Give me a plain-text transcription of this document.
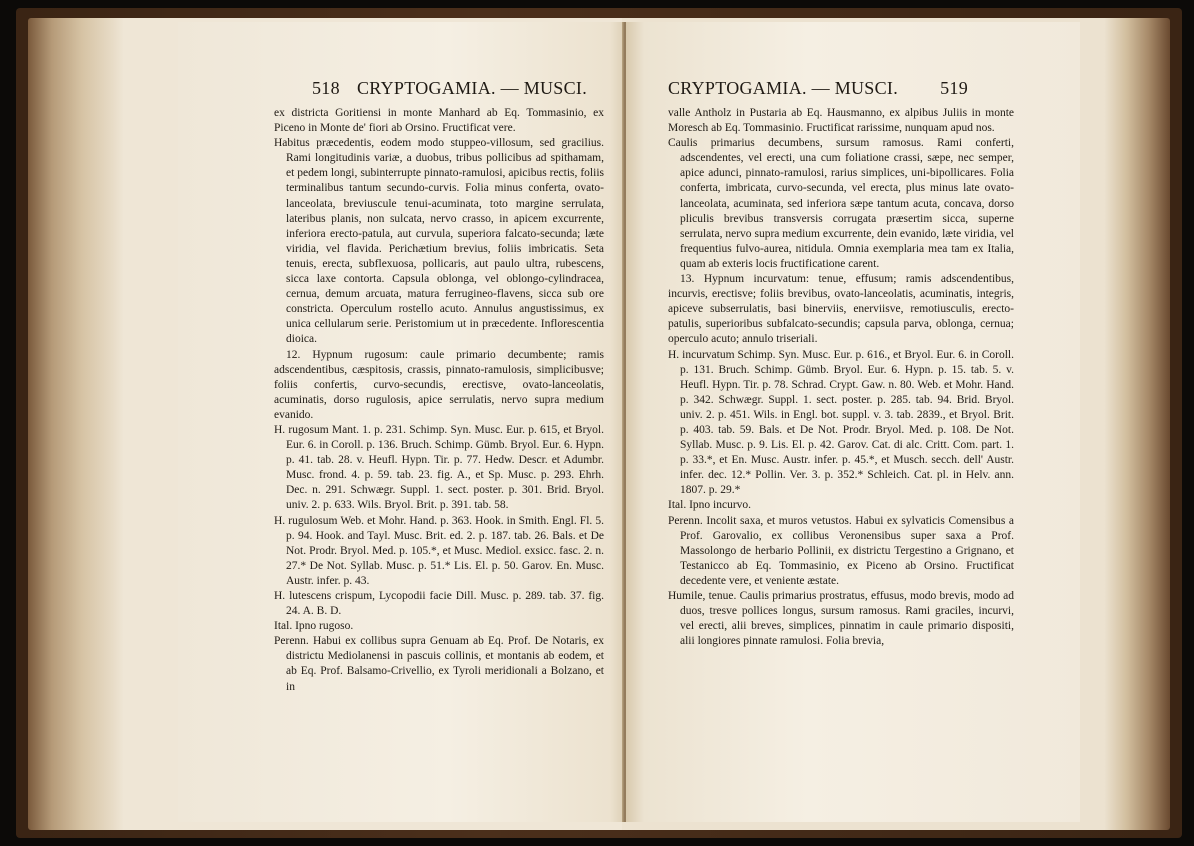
518 CRYPTOGAMIA. — MUSCI.

ex districta Goritiensi in monte Manhard ab Eq. Tommasinio, ex Piceno in Monte de' fiori ab Orsino. Fructificat vere.

Habitus præcedentis, eodem modo stuppeo-villosum, sed gracilius. Rami longitudinis variæ, a duobus, tribus pollicibus ad spithamam, et pedem longi, subinterrupte pinnato-ramulosi, apicibus rectis, foliis terminalibus tantum secundo-curvis. Folia minus conferta, ovato-lanceolata, breviuscule tenui-acuminata, toto margine serrulata, lateribus planis, non sulcata, nervo crasso, in apicem excurrente, inferiora erecto-patula, aut curvula, superiora falcato-secunda; læte viridia, vel flavida. Perichætium brevius, foliis imbricatis. Seta tenuis, erecta, subflexuosa, pollicaris, aut paulo ultra, rubescens, sicca laxe contorta. Capsula oblonga, vel oblongo-cylindracea, cernua, demum arcuata, matura ferrugineo-flavens, sicca sub ore constricta. Operculum rostello acuto. Annulus angustissimus, ex unica cellularum serie. Peristomium ut in præcedente. Inflorescentia dioica.

12. Hypnum rugosum: caule primario decumbente; ramis adscendentibus, cæspitosis, crassis, pinnato-ramulosis, simplicibusve; foliis confertis, curvo-secundis, erectisve, ovato-lanceolatis, acuminatis, dorso rugulosis, apice serrulatis, nervo supra medium evanido.

H. rugosum Mant. 1. p. 231. Schimp. Syn. Musc. Eur. p. 615, et Bryol. Eur. 6. in Coroll. p. 136. Bruch. Schimp. Gümb. Bryol. Eur. 6. Hypn. p. 41. tab. 28. v. Heufl. Hypn. Tir. p. 77. Hedw. Descr. et Adumbr. Musc. frond. 4. p. 59. tab. 23. fig. A., et Sp. Musc. p. 293. Ehrh. Dec. n. 291. Schwægr. Suppl. 1. sect. poster. p. 301. Brid. Bryol. univ. 2. p. 633. Wils. Bryol. Brit. p. 391. tab. 58.

H. rugulosum Web. et Mohr. Hand. p. 363. Hook. in Smith. Engl. Fl. 5. p. 94. Hook. and Tayl. Musc. Brit. ed. 2. p. 187. tab. 26. Bals. et De Not. Prodr. Bryol. Med. p. 105.*, et Musc. Mediol. exsicc. fasc. 2. n. 27.* De Not. Syllab. Musc. p. 51.* Lis. El. p. 50. Garov. En. Musc. Austr. infer. p. 43.

H. lutescens crispum, Lycopodii facie Dill. Musc. p. 289. tab. 37. fig. 24. A. B. D.

Ital. Ipno rugoso.

Perenn. Habui ex collibus supra Genuam ab Eq. Prof. De Notaris, ex districtu Mediolanensi in pascuis collinis, et montanis ab eodem, et ab Eq. Prof. Balsamo-Crivellio, ex Tyroli meridionali a Bolzano, et in

CRYPTOGAMIA. — MUSCI. 519

valle Antholz in Pustaria ab Eq. Hausmanno, ex alpibus Juliis in monte Moresch ab Eq. Tommasinio. Fructificat rarissime, nunquam apud nos.

Caulis primarius decumbens, sursum ramosus. Rami conferti, adscendentes, vel erecti, una cum foliatione crassi, sæpe, nec semper, apice adunci, pinnato-ramulosi, rarius simplices, uni-bipollicares. Folia conferta, imbricata, curvo-secunda, vel erecta, plus minus late ovato-lanceolata, acuminata, sed inferiora sæpe tantum acuta, concava, dorso pliculis brevibus transversis corrugata præsertim sicca, superne serrulata, nervo supra medium excurrente, dein evanido, læte viridia, vel frequentius fulvo-aurea, nitidula. Omnia exemplaria mea tam ex Italia, quam ab exteris locis fructificatione carent.

13. Hypnum incurvatum: tenue, effusum; ramis adscendentibus, incurvis, erectisve; foliis brevibus, ovato-lanceolatis, acuminatis, integris, apiceve subserrulatis, basi binerviis, enerviisve, remotiusculis, erecto-patulis, superioribus subfalcato-secundis; capsula parva, oblonga, cernua; operculo acuto; annulo triseriali.

H. incurvatum Schimp. Syn. Musc. Eur. p. 616., et Bryol. Eur. 6. in Coroll. p. 131. Bruch. Schimp. Gümb. Bryol. Eur. 6. Hypn. p. 15. tab. 5. v. Heufl. Hypn. Tir. p. 78. Schrad. Crypt. Gaw. n. 80. Web. et Mohr. Hand. p. 342. Schwægr. Suppl. 1. sect. poster. p. 285. tab. 94. Brid. Bryol. univ. 2. p. 451. Wils. in Engl. bot. suppl. v. 3. tab. 2839., et Bryol. Brit. p. 403. tab. 59. Bals. et De Not. Prodr. Bryol. Med. p. 108. De Not. Syllab. Musc. p. 9. Lis. El. p. 42. Garov. Cat. di alc. Critt. Com. part. 1. p. 33.*, et En. Musc. Austr. infer. p. 45.*, et Musch. secch. dell' Austr. infer. dec. 12.* Pollin. Ver. 3. p. 352.* Schleich. Cat. pl. in Helv. ann. 1807. p. 29.*

Ital. Ipno incurvo.

Perenn. Incolit saxa, et muros vetustos. Habui ex sylvaticis Comensibus a Prof. Garovalio, ex collibus Veronensibus super saxa a Prof. Massolongo de herbario Pollinii, ex districtu Tergestino a Grignano, et Testanicco ab Eq. Tommasinio, ex Piceno ab Orsino. Fructificat decedente vere, et veniente æstate.

Humile, tenue. Caulis primarius prostratus, effusus, modo brevis, modo ad duos, tresve pollices longus, sursum ramosus. Rami graciles, incurvi, vel erecti, alii breves, simplices, pinnatim in caule primario dispositi, alii longiores pinnate ramulosi. Folia brevia,
